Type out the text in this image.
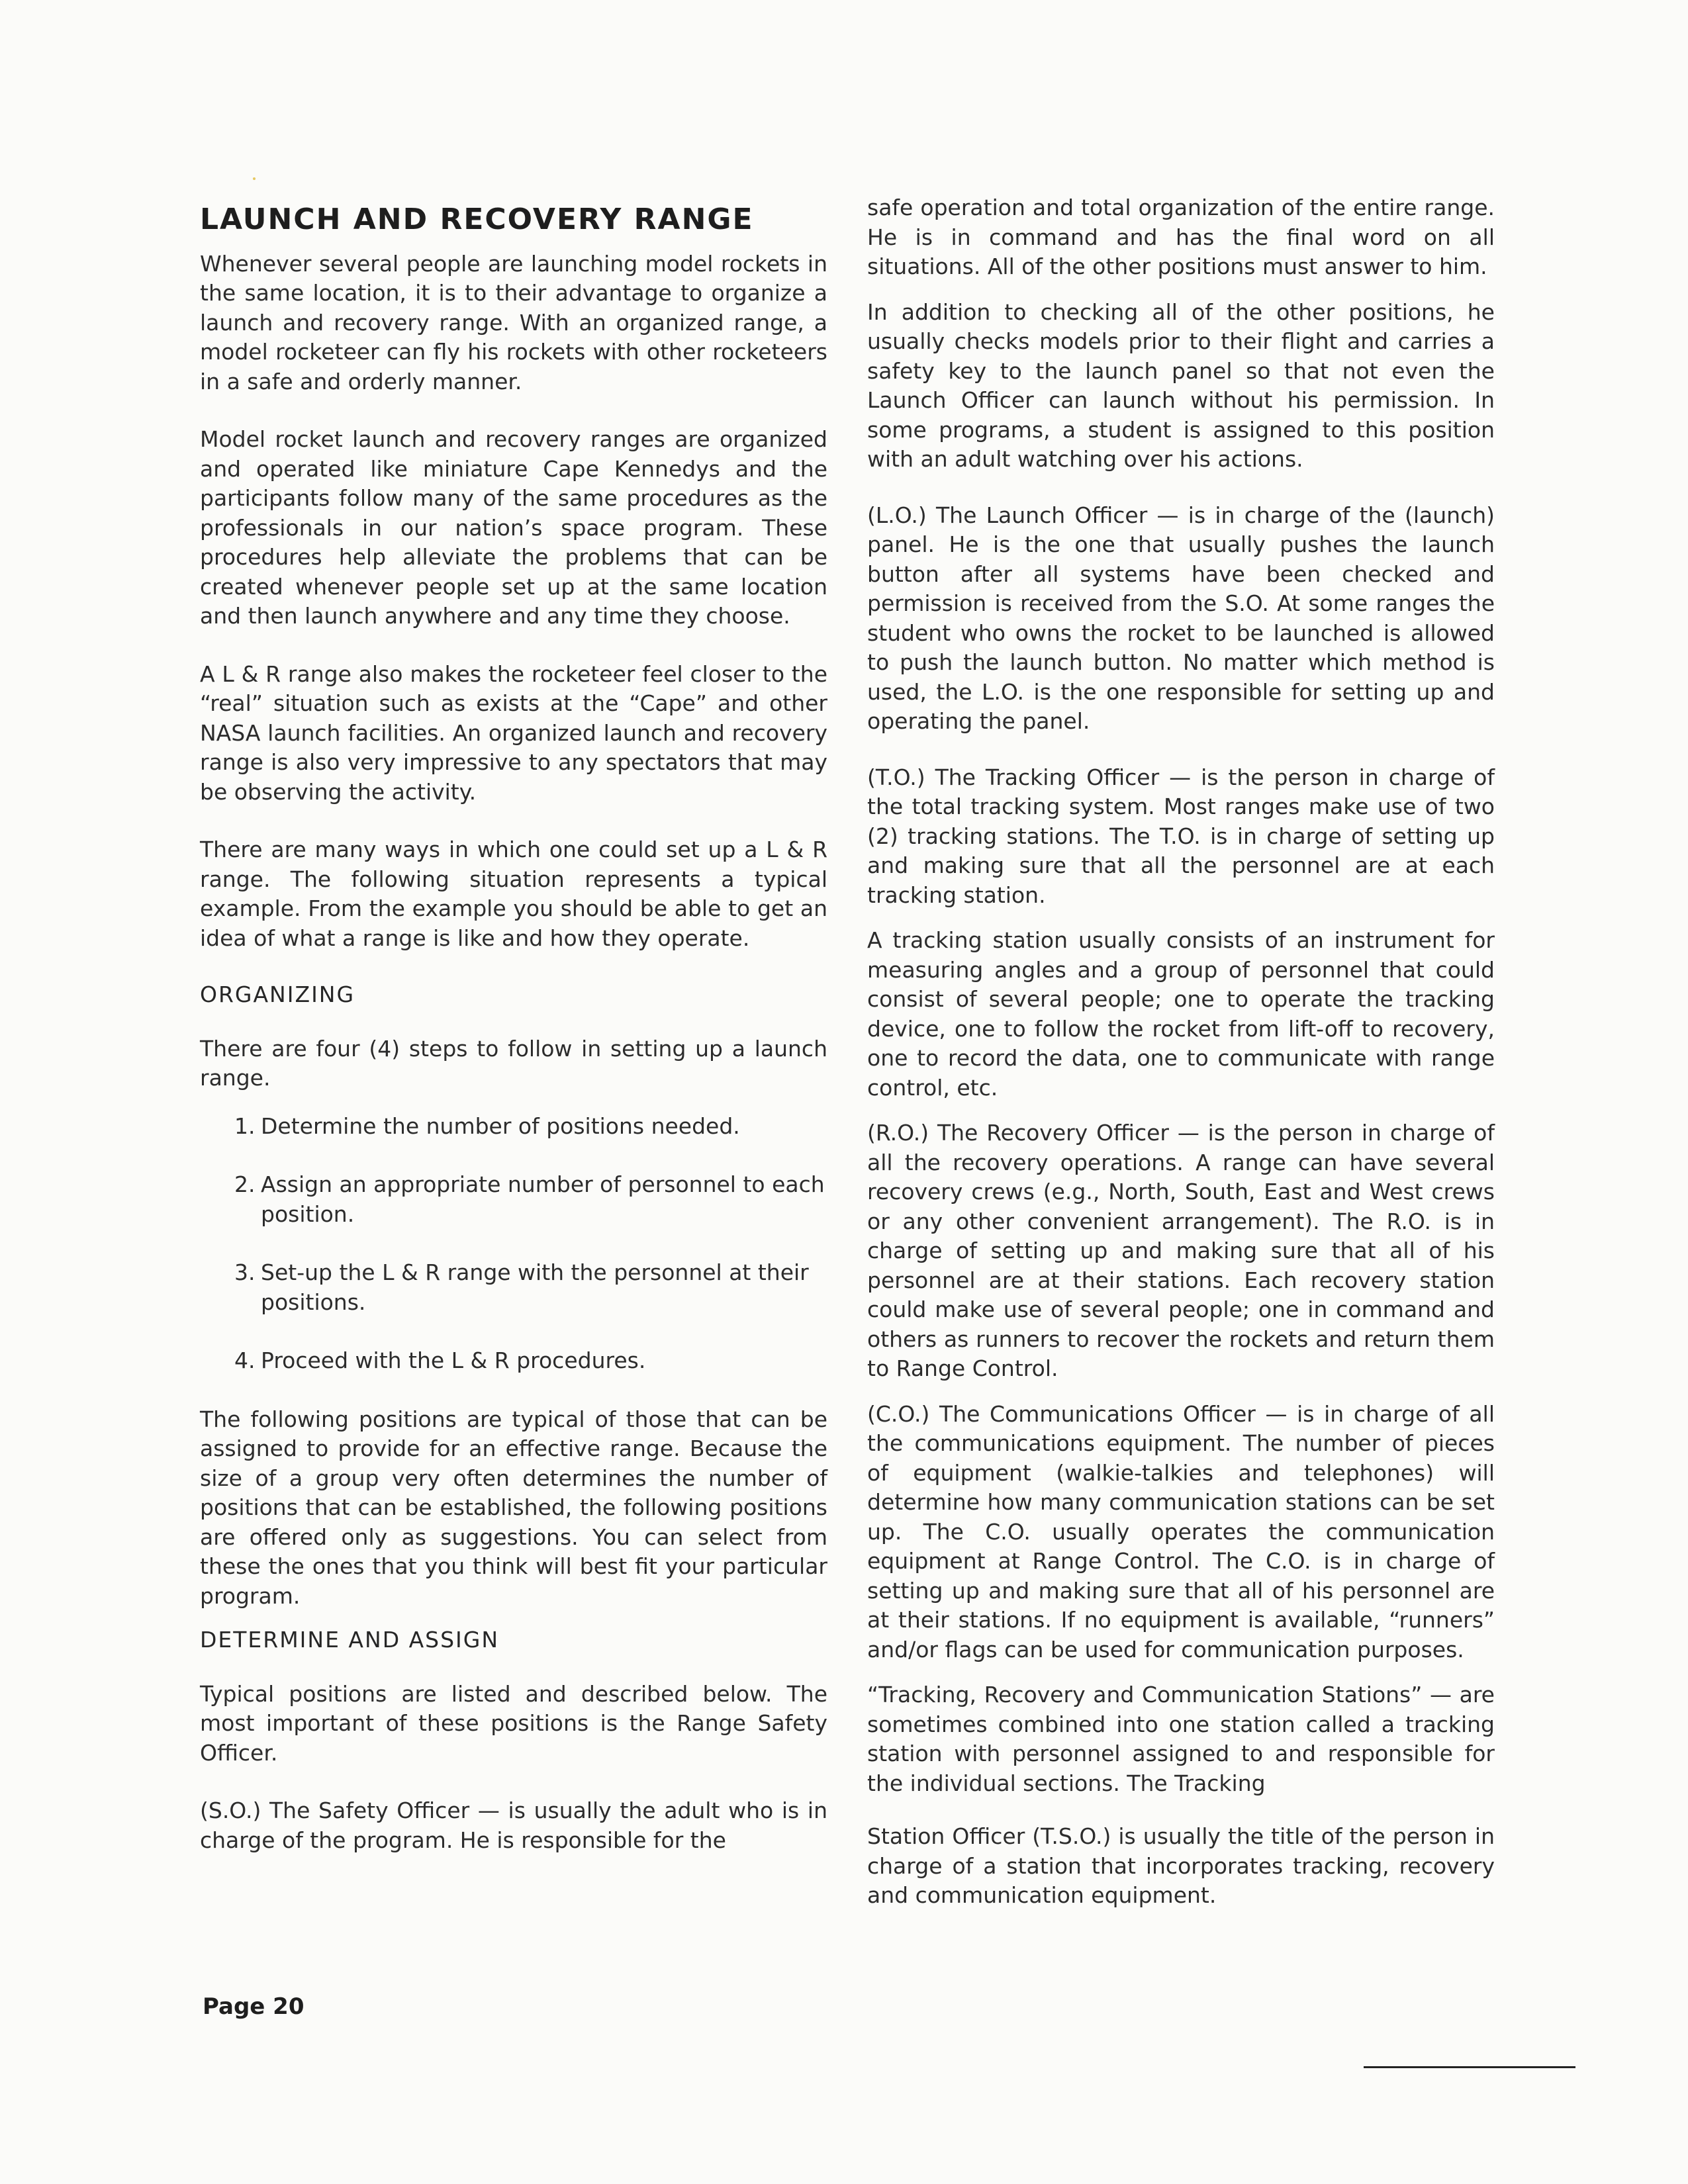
LAUNCH AND RECOVERY RANGE

Whenever several people are launching model rockets in the same location, it is to their advantage to organize a launch and recovery range. With an organized range, a model rocketeer can fly his rockets with other rocketeers in a safe and orderly manner.

Model rocket launch and recovery ranges are organized and operated like miniature Cape Kennedys and the participants follow many of the same procedures as the professionals in our nation’s space program. These procedures help alleviate the problems that can be created whenever people set up at the same location and then launch anywhere and any time they choose.

A L & R range also makes the rocketeer feel closer to the “real” situation such as exists at the “Cape” and other NASA launch facilities. An organized launch and recovery range is also very impressive to any spectators that may be observing the activity.

There are many ways in which one could set up a L & R range. The following situation represents a typical example. From the example you should be able to get an idea of what a range is like and how they operate.

ORGANIZING

There are four (4) steps to follow in setting up a launch range.

1. Determine the number of positions needed.
2. Assign an appropriate number of personnel to each position.
3. Set-up the L & R range with the personnel at their positions.
4. Proceed with the L & R procedures.

The following positions are typical of those that can be assigned to provide for an effective range. Because the size of a group very often determines the number of positions that can be established, the following positions are offered only as suggestions. You can select from these the ones that you think will best fit your particular program.

DETERMINE AND ASSIGN

Typical positions are listed and described below. The most important of these positions is the Range Safety Officer.

(S.O.) The Safety Officer — is usually the adult who is in charge of the program. He is responsible for the

safe operation and total organization of the entire range. He is in command and has the final word on all situations. All of the other positions must answer to him.

In addition to checking all of the other positions, he usually checks models prior to their flight and carries a safety key to the launch panel so that not even the Launch Officer can launch without his permission. In some programs, a student is assigned to this position with an adult watching over his actions.

(L.O.) The Launch Officer — is in charge of the (launch) panel. He is the one that usually pushes the launch button after all systems have been checked and permission is received from the S.O. At some ranges the student who owns the rocket to be launched is allowed to push the launch button. No matter which method is used, the L.O. is the one responsible for setting up and operating the panel.

(T.O.) The Tracking Officer — is the person in charge of the total tracking system. Most ranges make use of two (2) tracking stations. The T.O. is in charge of setting up and making sure that all the personnel are at each tracking station.

A tracking station usually consists of an instrument for measuring angles and a group of personnel that could consist of several people; one to operate the tracking device, one to follow the rocket from lift-off to recovery, one to record the data, one to communicate with range control, etc.

(R.O.) The Recovery Officer — is the person in charge of all the recovery operations. A range can have several recovery crews (e.g., North, South, East and West crews or any other convenient arrangement). The R.O. is in charge of setting up and making sure that all of his personnel are at their stations. Each recovery station could make use of several people; one in command and others as runners to recover the rockets and return them to Range Control.

(C.O.) The Communications Officer — is in charge of all the communications equipment. The number of pieces of equipment (walkie-talkies and telephones) will determine how many communication stations can be set up. The C.O. usually operates the communication equipment at Range Control. The C.O. is in charge of setting up and making sure that all of his personnel are at their stations. If no equipment is available, “runners” and/or flags can be used for communication purposes.

“Tracking, Recovery and Communication Stations” — are sometimes combined into one station called a tracking station with personnel assigned to and responsible for the individual sections. The Tracking

Station Officer (T.S.O.) is usually the title of the person in charge of a station that incorporates tracking, recovery and communication equipment.

Page 20
